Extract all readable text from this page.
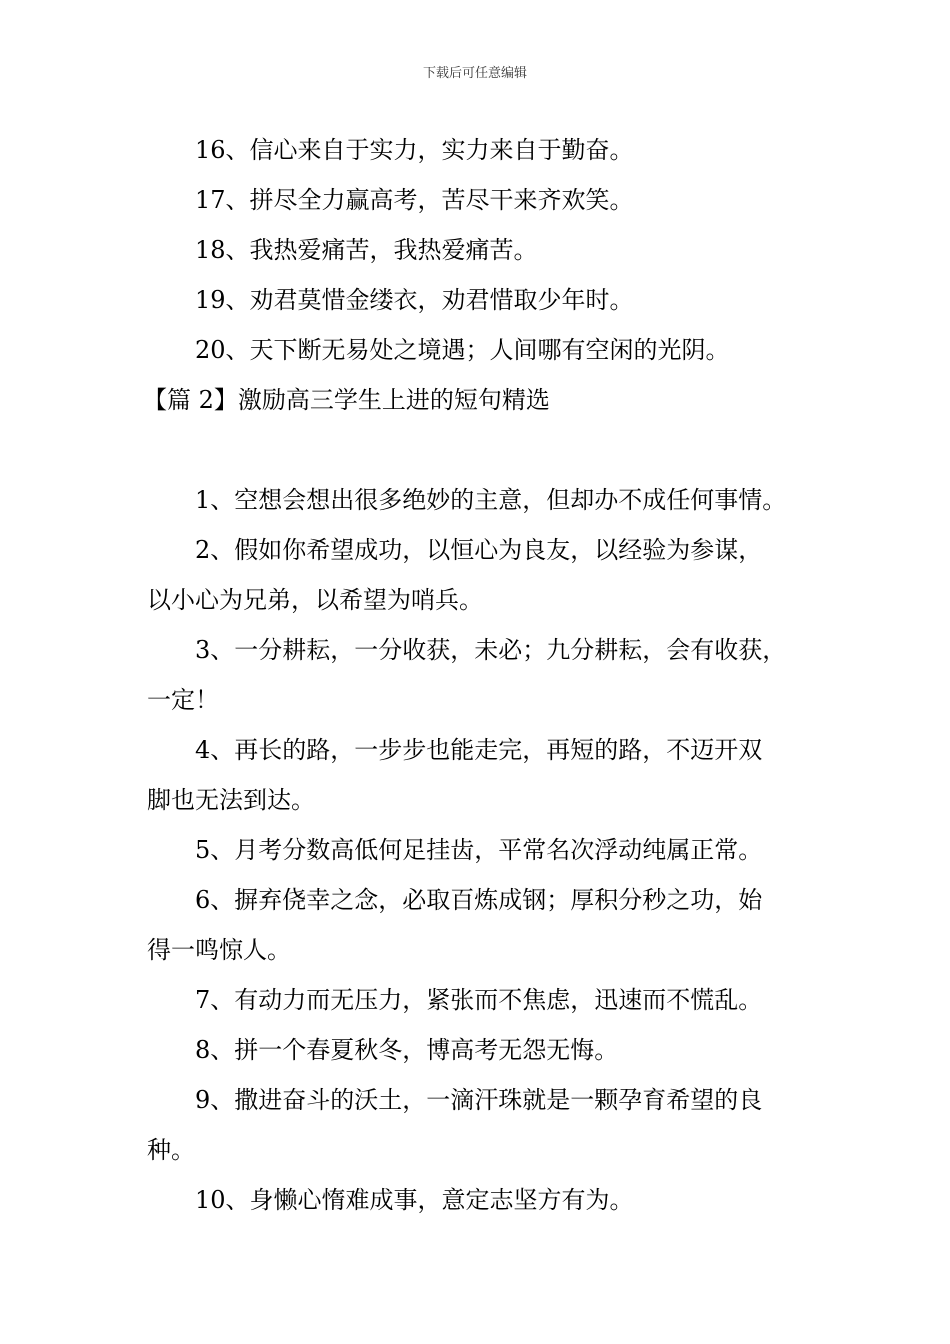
下载后可任意编辑
16、信心来自于实力，实力来自于勤奋。
17、拼尽全力赢高考，苦尽干来齐欢笑。
18、我热爱痛苦，我热爱痛苦。
19、劝君莫惜金缕衣，劝君惜取少年时。
20、天下断无易处之境遇；人间哪有空闲的光阴。
【篇 2】激励高三学生上进的短句精选
1、空想会想出很多绝妙的主意，但却办不成任何事情。
2、假如你希望成功，以恒心为良友，以经验为参谋，
以小心为兄弟，以希望为哨兵。
3、一分耕耘，一分收获，未必；九分耕耘，会有收获，
一定！
4、再长的路，一步步也能走完，再短的路，不迈开双
脚也无法到达。
5、月考分数高低何足挂齿，平常名次浮动纯属正常。
6、摒弃侥幸之念，必取百炼成钢；厚积分秒之功，始
得一鸣惊人。
7、有动力而无压力，紧张而不焦虑，迅速而不慌乱。
8、拼一个春夏秋冬，博高考无怨无悔。
9、撒进奋斗的沃土，一滴汗珠就是一颗孕育希望的良
种。
10、身懒心惰难成事，意定志坚方有为。
